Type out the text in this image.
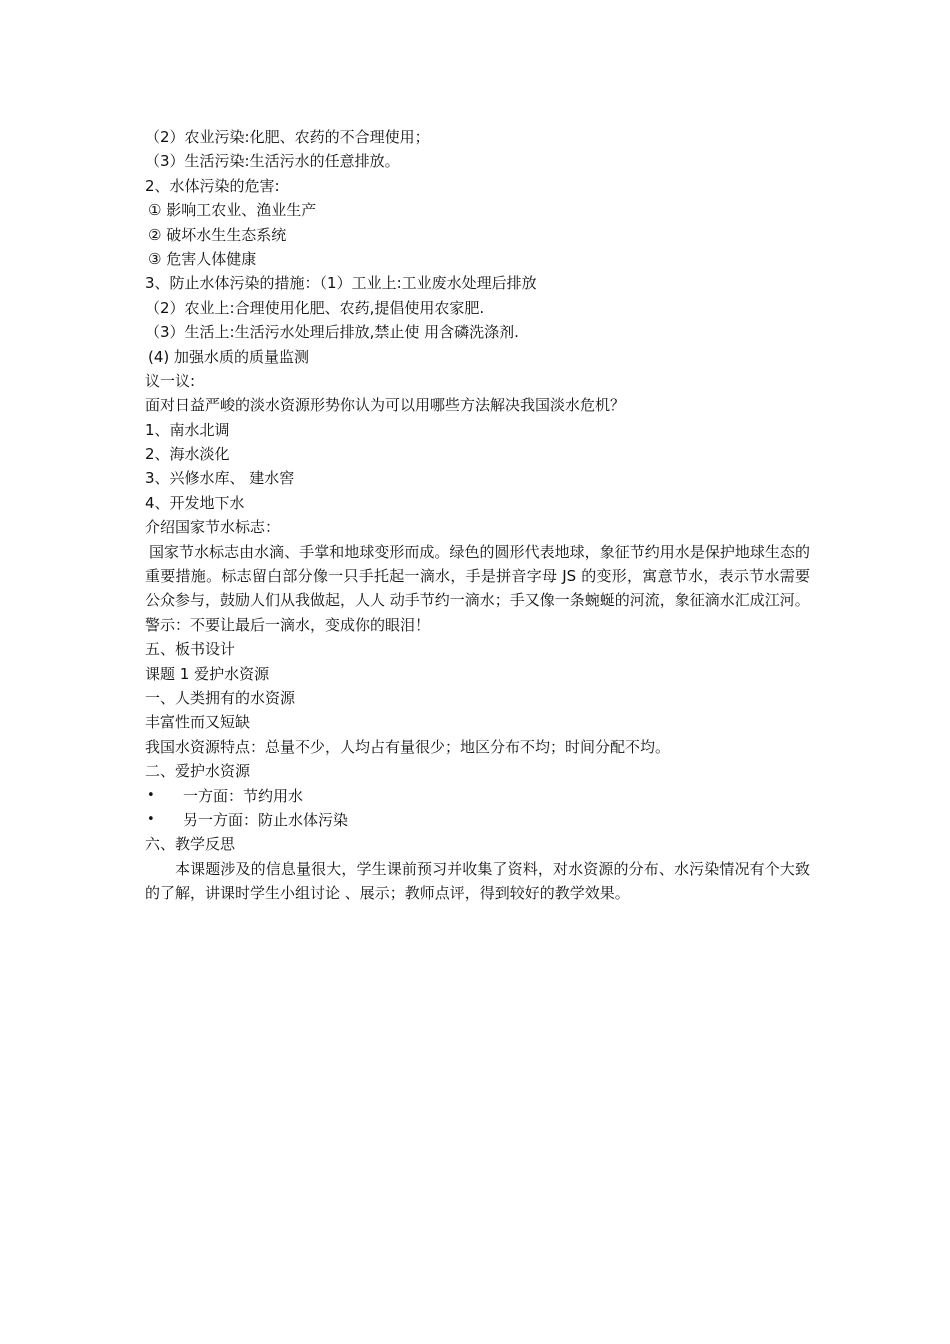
（2）农业污染:化肥、农药的不合理使用；
（3）生活污染:生活污水的任意排放。
2、水体污染的危害:
① 影响工农业、渔业生产
② 破坏水生生态系统
③ 危害人体健康
3、防止水体污染的措施：（1）工业上:工业废水处理后排放
（2）农业上:合理使用化肥、农药,提倡使用农家肥.
（3）生活上:生活污水处理后排放,禁止使 用含磷洗涤剂.
(4) 加强水质的质量监测
议一议:
面对日益严峻的淡水资源形势你认为可以用哪些方法解决我国淡水危机？
1、南水北调
2、海水淡化
3、兴修水库、 建水窖
4、开发地下水
介绍国家节水标志：
国家节水标志由水滴、手掌和地球变形而成。绿色的圆形代表地球，象征节约用水是保护地球生态的重要措施。标志留白部分像一只手托起一滴水，手是拼音字母 JS 的变形，寓意节水，表示节水需要公众参与，鼓励人们从我做起，人人 动手节约一滴水；手又像一条蜿蜒的河流，象征滴水汇成江河。
警示：不要让最后一滴水，变成你的眼泪！
五、板书设计
课题 1 爱护水资源
一、人类拥有的水资源
丰富性而又短缺
我国水资源特点：总量不少，人均占有量很少；地区分布不均；时间分配不均。
二、爱护水资源
•	一方面：节约用水
•	另一方面：防止水体污染
六、教学反思
本课题涉及的信息量很大，学生课前预习并收集了资料，对水资源的分布、水污染情况有个大致的了解，讲课时学生小组讨论 、展示；教师点评，得到较好的教学效果。
